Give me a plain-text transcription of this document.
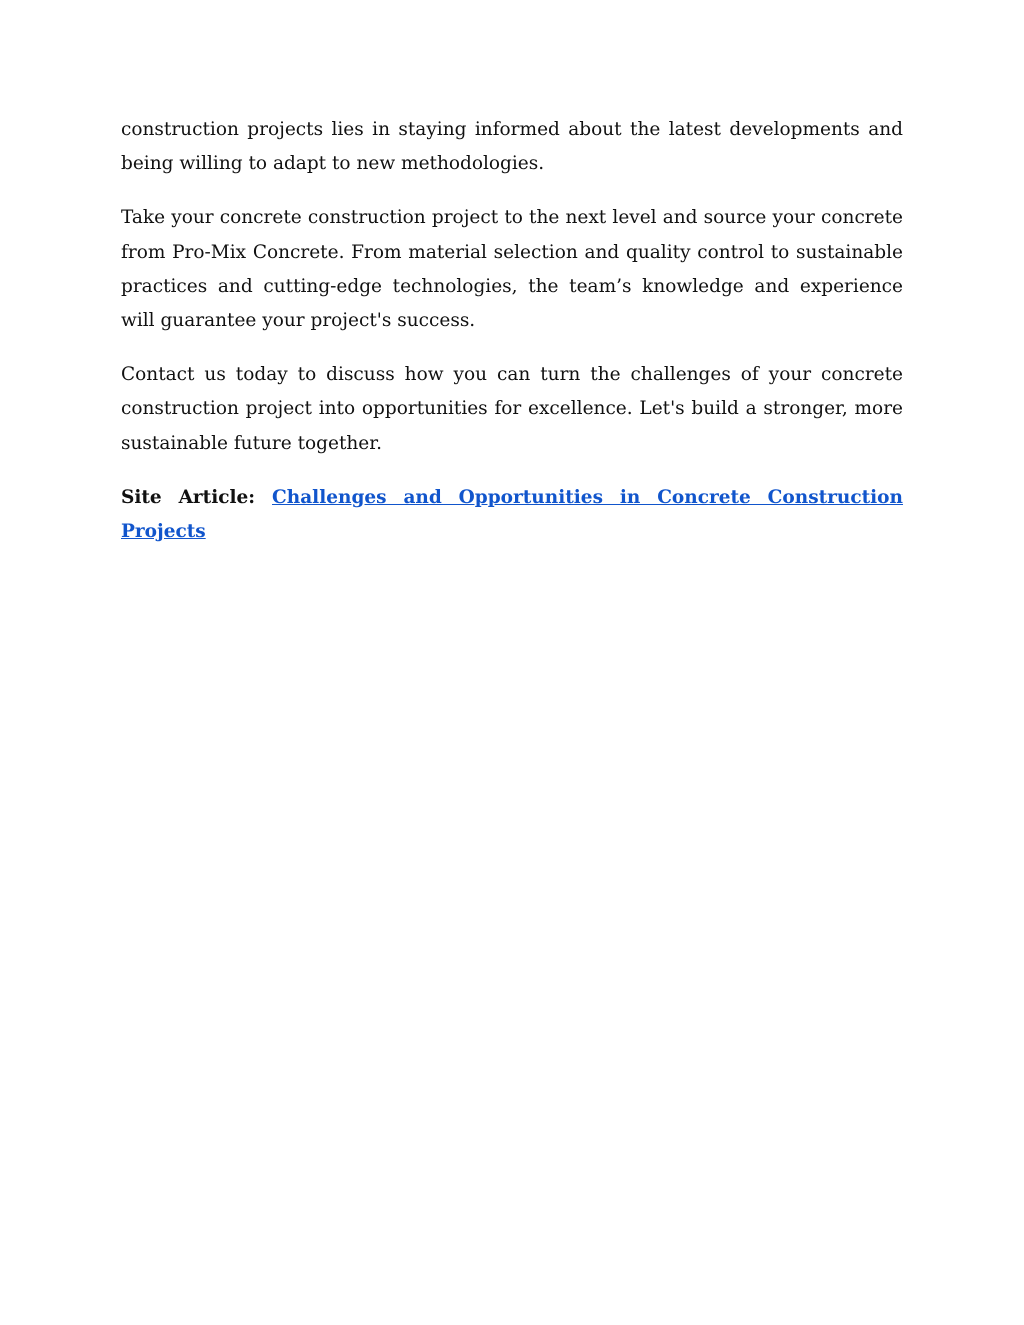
construction projects lies in staying informed about the latest developments and being willing to adapt to new methodologies.

Take your concrete construction project to the next level and source your concrete from Pro-Mix Concrete. From material selection and quality control to sustainable practices and cutting-edge technologies, the team’s knowledge and experience will guarantee your project's success.

Contact us today to discuss how you can turn the challenges of your concrete construction project into opportunities for excellence. Let's build a stronger, more sustainable future together.

Site Article: Challenges and Opportunities in Concrete Construction Projects
